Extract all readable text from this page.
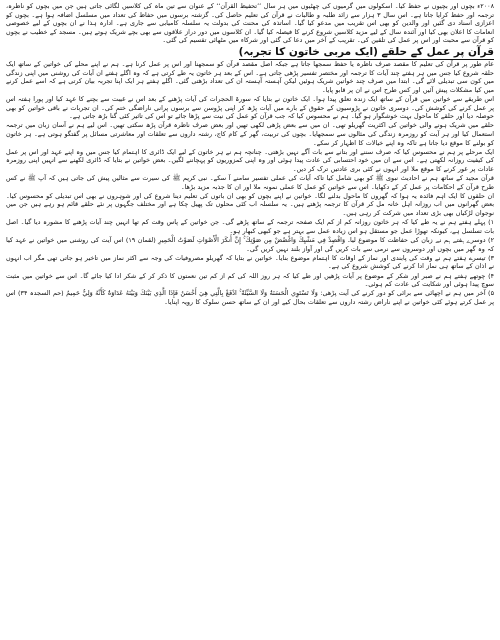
۲۰۰۸ء بچوں اور بچیوں نے حفظ کیا۔ اسکولوں میں گرمیوں کی چھٹیوں میں ہر سال ’’تحفیظ القرآن‘‘ کے عنوان سے تین ماہ کی کلاسیں لگائی جاتی ہیں جن میں بچوں کو ناظرہ، ترجمہ اور حفظ کرایا جاتا ہے۔ اس سال ۳ ہزار سے زائد طلبہ و طالبات نے قرآن کی تعلیم حاصل کی۔ گزشتہ برسوں میں حفاظ کی تعداد میں مسلسل اضافہ ہوا ہے۔ بچوں کو اعزازی اسناد دی گئیں اور والدین کو بھی اس تقریب میں مدعو کیا گیا۔ اساتذہ کی محنت کی بدولت یہ سلسلہ کامیابی سے جاری ہے۔ ادارہ ہذا نے ان بچوں کے لیے خصوصی انعامات کا اعلان بھی کیا اور آئندہ سال کے لیے مزید کلاسیں شروع کرنے کا فیصلہ کیا گیا۔ ان کلاسوں میں دور دراز علاقوں سے بھی بچے شریک ہوتے ہیں۔ مسجد کے خطیب نے بچوں کو قرآن سے محبت اور اس پر عمل کی تلقین کی۔ تقریب کے آخر میں دعا کی گئی اور شرکاء میں مٹھائی تقسیم کی گئی۔

قرآن پر عمل کے حلقے (ایک مربی خاتون کا تجربہ)

عام طور پر قرآن کی تعلیم کا مقصد صرف ناظرہ یا حفظ سمجھا جاتا ہے جبکہ اصل مقصد قرآن کو سمجھنا اور اس پر عمل کرنا ہے۔ ہم نے اپنے محلے کی خواتین کے ساتھ ایک حلقہ شروع کیا جس میں ہر ہفتے چند آیات کا ترجمہ اور مختصر تفسیر پڑھی جاتی ہے۔ اس کے بعد ہر خاتون یہ طے کرتی ہے کہ وہ اگلے ہفتے ان آیات کی روشنی میں اپنی زندگی میں کون سی تبدیلی لائے گی۔ ابتدا میں صرف چند خواتین شریک ہوئیں لیکن آہستہ آہستہ ان کی تعداد بڑھتی گئی۔ اگلے ہفتے ہر ایک اپنا تجربہ بیان کرتی ہے کہ اسے عمل کرنے میں کیا مشکلات پیش آئیں اور کس طرح اس نے ان پر قابو پایا۔

اس طریقے سے خواتین میں قرآن کے ساتھ ایک زندہ تعلق پیدا ہوا۔ ایک خاتون نے بتایا کہ سورۃ الحجرات کی آیات پڑھنے کے بعد اس نے غیبت سے بچنے کا عہد کیا اور پورا ہفتہ اس پر عمل کرنے کی کوشش کی۔ دوسری خاتون نے پڑوسیوں کے حقوق کے بارے میں آیات پڑھ کر اپنی پڑوسن سے برسوں پرانی ناراضگی ختم کی۔ ان تجربات نے باقی خواتین کو بھی حوصلہ دیا اور حلقے کا ماحول بہت خوشگوار ہو گیا۔ ہم نے محسوس کیا کہ جب قرآن کو عمل کی نیت سے پڑھا جائے تو اس کی تاثیر کئی گنا بڑھ جاتی ہے۔

حلقے میں شریک ہونے والی خواتین کی اکثریت گھریلو تھی۔ ان میں سے بعض پڑھی لکھی تھیں اور بعض صرف ناظرہ قرآن پڑھ سکتی تھیں۔ اس لیے ہم نے آسان زبان میں ترجمہ استعمال کیا اور ہر آیت کو روزمرہ زندگی کی مثالوں سے سمجھایا۔ بچوں کی تربیت، گھر کے کام کاج، رشتہ داروں سے تعلقات اور معاشرتی مسائل پر گفتگو ہوتی ہے۔ ہر خاتون کو بولنے کا موقع دیا جاتا ہے تاکہ وہ اپنے خیالات کا اظہار کر سکے۔

ایک مرحلے پر ہم نے محسوس کیا کہ صرف سننے اور بتانے سے بات آگے نہیں بڑھتی۔ چنانچہ ہم نے ہر خاتون کے لیے ایک ڈائری کا اہتمام کیا جس میں وہ اپنے عہد اور اس پر عمل کی کیفیت روزانہ لکھتی ہے۔ اس سے ان میں خود احتسابی کی عادت پیدا ہوئی اور وہ اپنی کمزوریوں کو پہچاننے لگیں۔ بعض خواتین نے بتایا کہ ڈائری لکھنے سے انہیں اپنی روزمرہ عادات پر غور کرنے کا موقع ملا اور انہوں نے کئی بری عادتیں ترک کر دیں۔

قرآن مجید کے ساتھ ہم نے احادیث نبوی ﷺ کو بھی شامل کیا تاکہ آیات کی عملی تفسیر سامنے آ سکے۔ نبی کریم ﷺ کی سیرت سے مثالیں پیش کی جاتی ہیں کہ آپ ﷺ نے کس طرح قرآن کے احکامات پر عمل کر کے دکھایا۔ اس سے خواتین کو عمل کا عملی نمونہ ملا اور ان کا جذبہ مزید بڑھا۔

ان حلقوں کا ایک اہم فائدہ یہ ہوا کہ گھروں کا ماحول بدلنے لگا۔ خواتین نے اپنے بچوں کو بھی ان باتوں کی تعلیم دینا شروع کی اور شوہروں نے بھی اس تبدیلی کو محسوس کیا۔ بعض گھرانوں میں اب روزانہ اہل خانہ مل کر قرآن کا ترجمہ پڑھتے ہیں۔ یہ سلسلہ اب کئی محلوں تک پھیل چکا ہے اور مختلف جگہوں پر نئے حلقے قائم ہو رہے ہیں جن میں نوجوان لڑکیاں بھی بڑی تعداد میں شرکت کر رہی ہیں۔

۱) پہلے ہفتے ہم نے یہ طے کیا کہ ہر خاتون روزانہ کم از کم ایک صفحہ ترجمہ کے ساتھ پڑھے گی۔ جن خواتین کے پاس وقت کم تھا انہیں چند آیات پڑھنے کا مشورہ دیا گیا۔ اصل بات تسلسل ہے، کیونکہ تھوڑا عمل جو مستقل ہو اس زیادہ عمل سے بہتر ہے جو کبھی کبھار ہو۔

۲) دوسرے ہفتے ہم نے زبان کی حفاظت کا موضوع لیا۔ وَاقْصِدْ فِي مَشْيِكَ وَاغْضُضْ مِن صَوْتِكَ ۚ إِنَّ أَنكَرَ الْأَصْوَاتِ لَصَوْتُ الْحَمِيرِ (لقمان ۱۹) اس آیت کی روشنی میں خواتین نے عہد کیا کہ وہ گھر میں بچوں اور دوسروں سے نرمی سے بات کریں گی اور آواز بلند نہیں کریں گی۔

۳) تیسرے ہفتے ہم نے وقت کی پابندی اور نماز کے اوقات کا اہتمام موضوع بنایا۔ خواتین نے بتایا کہ گھریلو مصروفیات کی وجہ سے اکثر نماز میں تاخیر ہو جاتی تھی مگر اب انہوں نے اذان کے ساتھ ہی نماز ادا کرنے کی کوشش شروع کی ہے۔

۴) چوتھے ہفتے ہم نے صبر اور شکر کے موضوع پر آیات پڑھیں اور طے کیا کہ ہر روز اللہ کی کم از کم تین نعمتوں کا ذکر کر کے شکر ادا کیا جائے گا۔ اس سے خواتین میں مثبت سوچ پیدا ہوئی اور شکایت کی عادت کم ہوئی۔

۵) آخر میں ہم نے اچھائی سے برائی کو دور کرنے کی آیت پڑھی: وَلَا تَسْتَوِي الْحَسَنَةُ وَلَا السَّيِّئَةُ ۚ ادْفَعْ بِالَّتِي هِيَ أَحْسَنُ فَإِذَا الَّذِي بَيْنَكَ وَبَيْنَهُ عَدَاوَةٌ كَأَنَّهُ وَلِيٌّ حَمِيمٌ (حم السجدہ ۳۴) اس پر عمل کرتے ہوئے کئی خواتین نے اپنے ناراض رشتہ داروں سے تعلقات بحال کیے اور ان کے ساتھ حسن سلوک کا رویہ اپنایا۔
